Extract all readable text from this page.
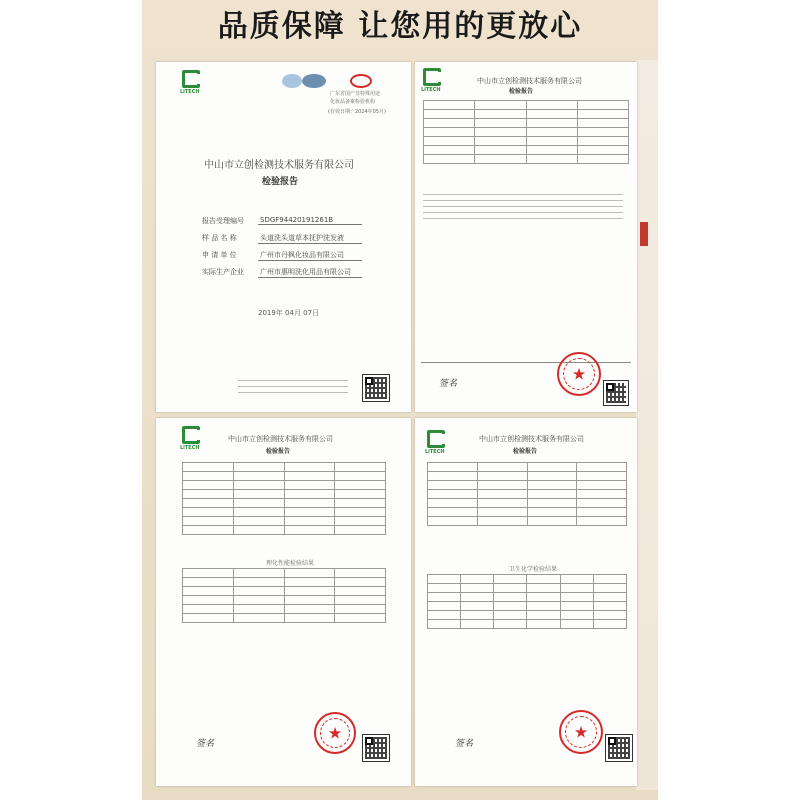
品质保障 让您用的更放心
LiTECH	广东省国产非特殊用途
化妆品备案检验机构
(有效日期：2024年05月)
中山市立创检测技术服务有限公司
检验报告
报告受理编号	SDGF94420191261B
样 品 名 称	头道洗头道草本抚护洗发液
申 请 单 位	广州市丹枫化妆品有限公司
实际生产企业	广州市惠明洗化用品有限公司
2019年 04月 07日
LiTECH
中山市立创检测技术服务有限公司
检验报告

签名
★
LiTECH
中山市立创检测技术服务有限公司
检验报告

理化性能检验结果

签名
★
LiTECH
中山市立创检测技术服务有限公司
检验报告

卫生化学检验结果

签名
★
